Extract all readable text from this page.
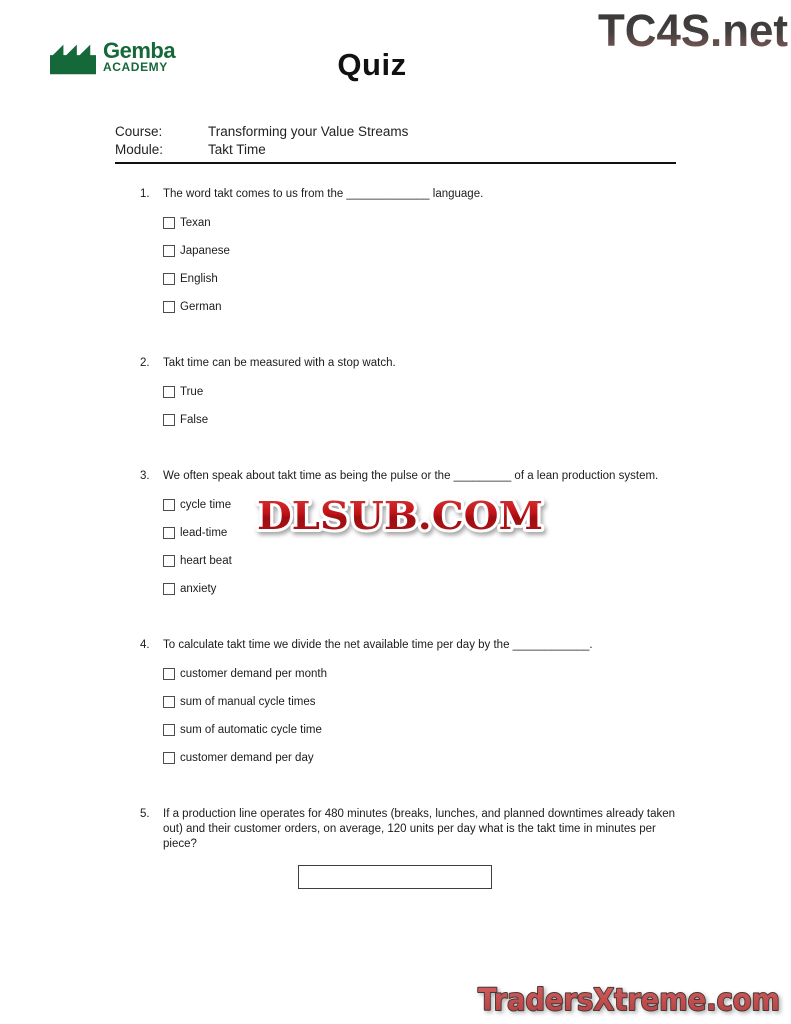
TC4S.net
Gemba
ACADEMY	Quiz
Course:	Transforming your Value Streams
Module:	Takt Time
1.	The word takt comes to us from the _____________ language.
Texan
Japanese
English
German
2.	Takt time can be measured with a stop watch.
True
False
3.	We often speak about takt time as being the pulse or the _________ of a lean production system.
cycle time
lead-time
heart beat
anxiety
4.	To calculate takt time we divide the net available time per day by the ____________.
customer demand per month
sum of manual cycle times
sum of automatic cycle time
customer demand per day
5.	If a production line operates for 480 minutes (breaks, lunches, and planned downtimes already taken out) and their customer orders, on average, 120 units per day what is the takt time in minutes per piece?
DLSUB.COM
TradersXtreme.com
